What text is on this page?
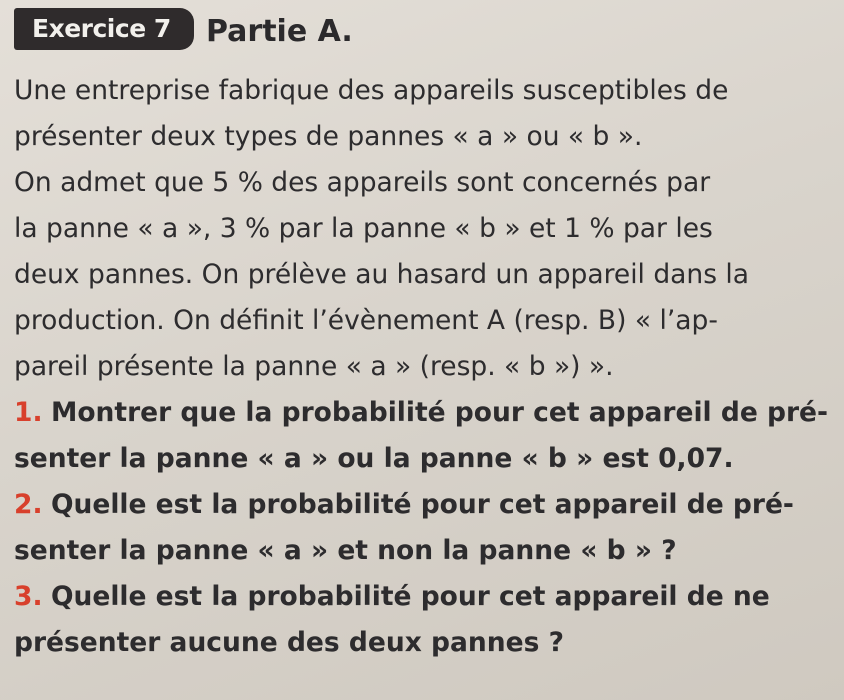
Exercice 7	Partie A.
Une entreprise fabrique des appareils susceptibles de
présenter deux types de pannes « a » ou « b ».
On admet que 5 % des appareils sont concernés par
la panne « a », 3 % par la panne « b » et 1 % par les
deux pannes. On prélève au hasard un appareil dans la
production. On définit l’évènement A (resp. B) « l’ap-
pareil présente la panne « a » (resp. « b ») ».
1. Montrer que la probabilité pour cet appareil de pré-
senter la panne « a » ou la panne « b » est 0,07.
2. Quelle est la probabilité pour cet appareil de pré-
senter la panne « a » et non la panne « b » ?
3. Quelle est la probabilité pour cet appareil de ne
présenter aucune des deux pannes ?
